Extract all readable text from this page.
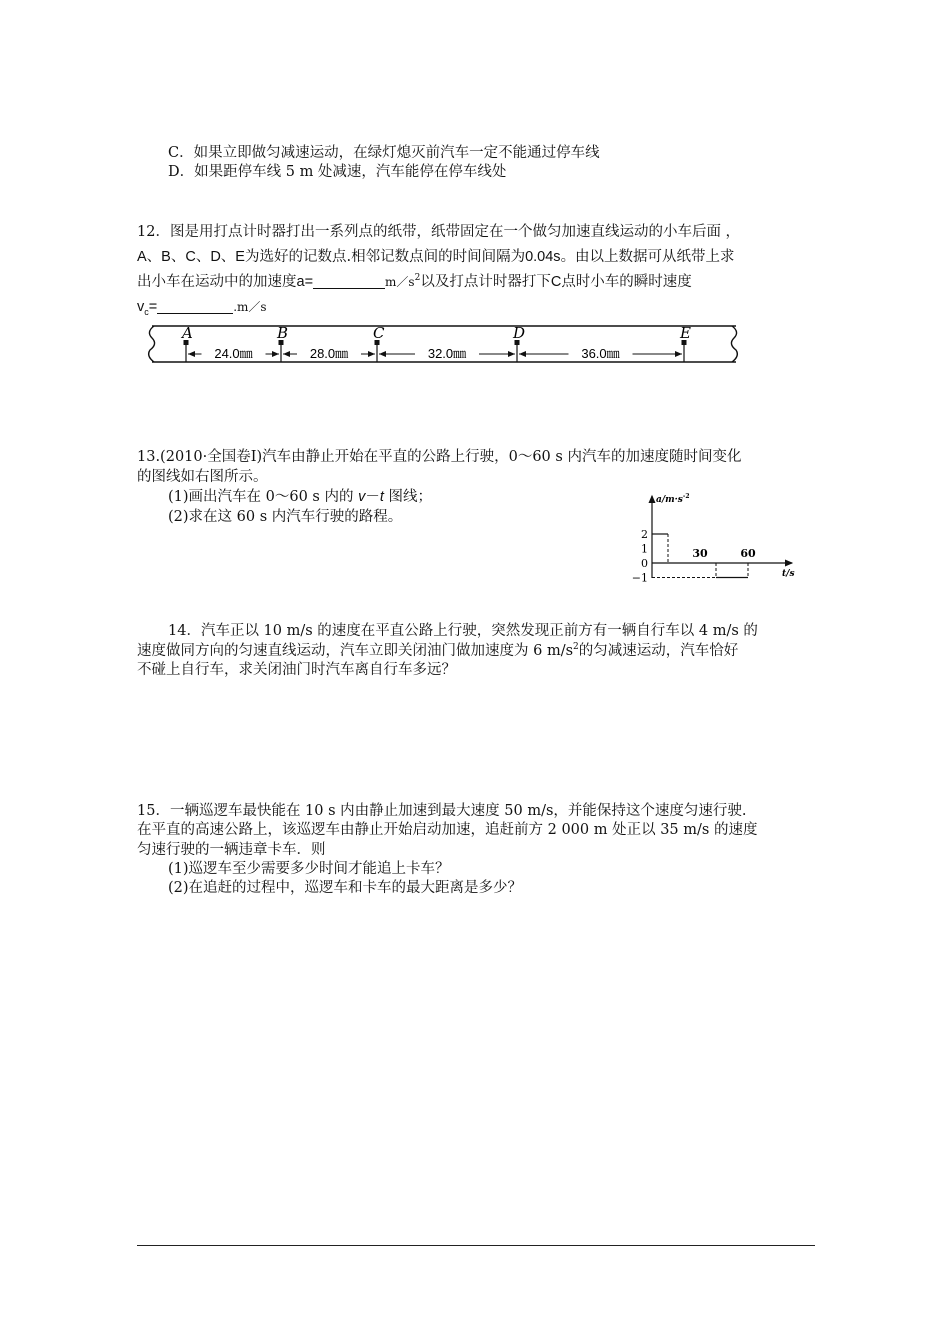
C．如果立即做匀减速运动，在绿灯熄灭前汽车一定不能通过停车线
D．如果距停车线 5 m 处减速，汽车能停在停车线处
12．图是用打点计时器打出一系列点的纸带，纸带固定在一个做匀加速直线运动的小车后面 ，
A、B、C、D、E为选好的记数点.相邻记数点间的时间间隔为0.04s。由以上数据可从纸带上求
出小车在运动中的加速度a=	$m/s^2$以及打点计时器打下C点时小车的瞬时速度
$v_c=$	.m／s
A	B	C	D	E
24.0㎜	28.0㎜	32.0㎜	36.0㎜
13.(2010·全国卷Ⅰ)汽车由静止开始在平直的公路上行驶，0～60 s 内汽车的加速度随时间变化
的图线如右图所示。
(1)画出汽车在 0～60 s 内的 v－t 图线；
(2)求在这 60 s 内汽车行驶的路程。
$a/m\cdot s^{-2}$
t/s
2
1
0
−1
30	60
14．汽车正以 10 m/s 的速度在平直公路上行驶，突然发现正前方有一辆自行车以 4 m/s 的
速度做同方向的匀速直线运动，汽车立即关闭油门做加速度为 6 $m/s^2$的匀减速运动，汽车恰好
不碰上自行车，求关闭油门时汽车离自行车多远？
15．一辆巡逻车最快能在 10 s 内由静止加速到最大速度 50 m/s，并能保持这个速度匀速行驶.
在平直的高速公路上，该巡逻车由静止开始启动加速，追赶前方 2 000 m 处正以 35 m/s 的速度
匀速行驶的一辆违章卡车．则
(1)巡逻车至少需要多少时间才能追上卡车？
(2)在追赶的过程中，巡逻车和卡车的最大距离是多少？
